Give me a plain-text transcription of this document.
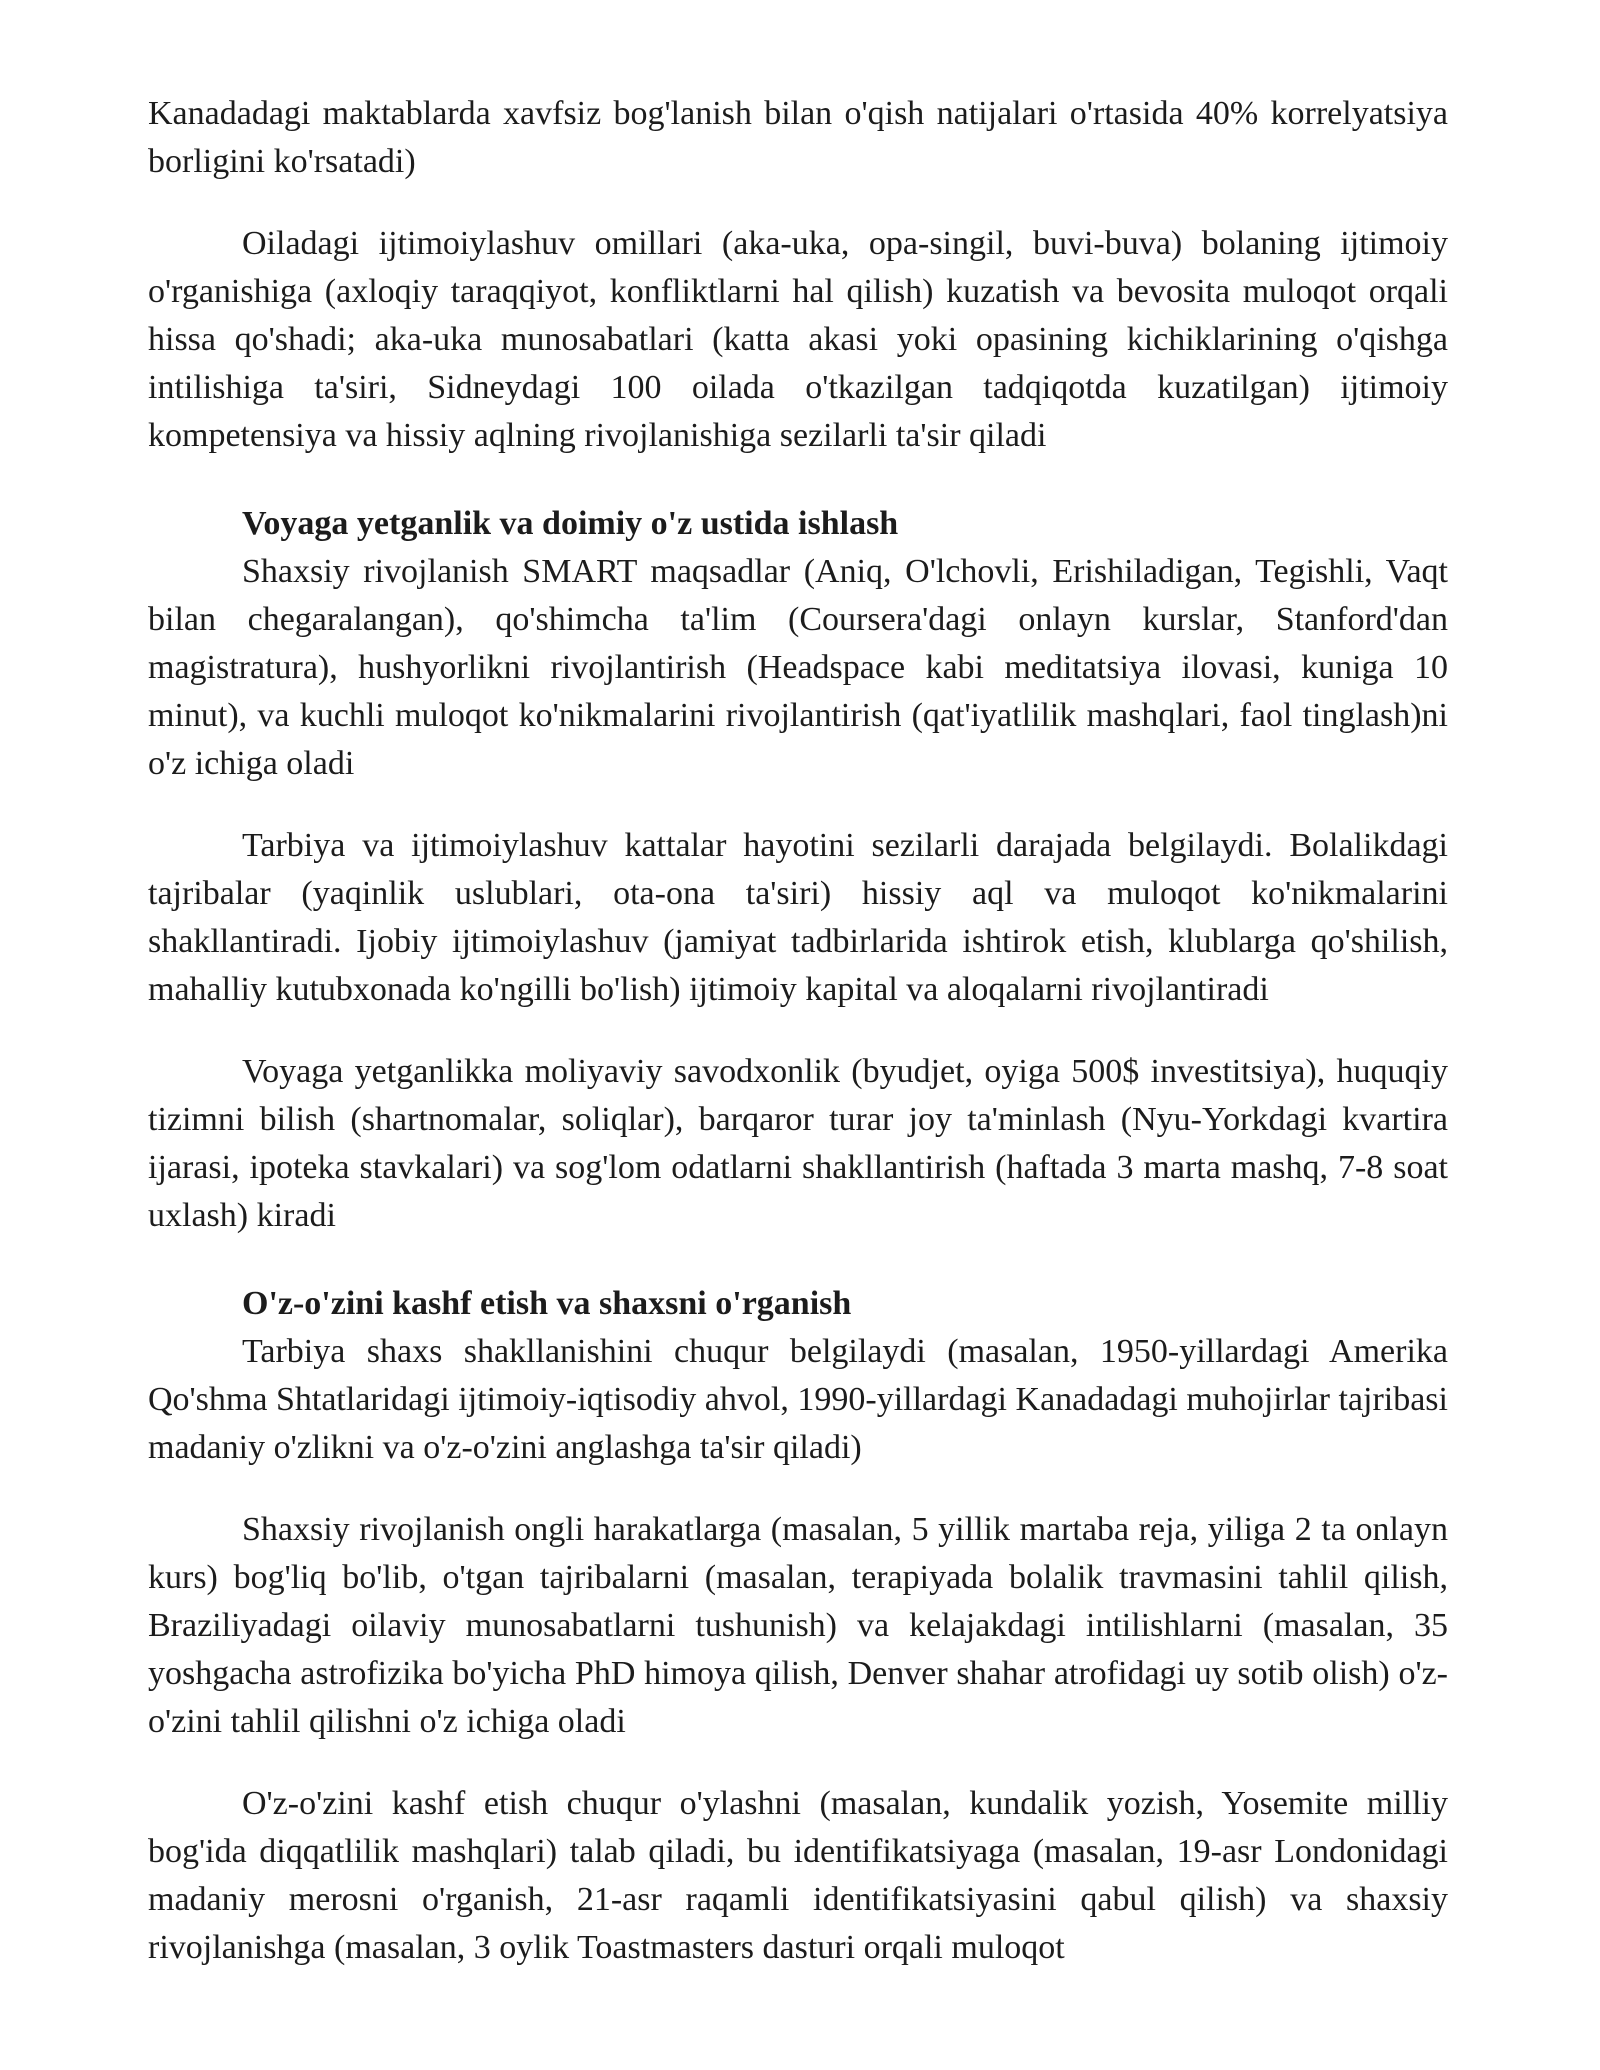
Kanadadagi maktablarda xavfsiz bog'lanish bilan o'qish natijalari o'rtasida 40% korrelyatsiya borligini ko'rsatadi)

Oiladagi ijtimoiylashuv omillari (aka-uka, opa-singil, buvi-buva) bolaning ijtimoiy o'rganishiga (axloqiy taraqqiyot, konfliktlarni hal qilish) kuzatish va bevosita muloqot orqali hissa qo'shadi; aka-uka munosabatlari (katta akasi yoki opasining kichiklarining o'qishga intilishiga ta'siri, Sidneydagi 100 oilada o'tkazilgan tadqiqotda kuzatilgan) ijtimoiy kompetensiya va hissiy aqlning rivojlanishiga sezilarli ta'sir qiladi

Voyaga yetganlik va doimiy o'z ustida ishlash

Shaxsiy rivojlanish SMART maqsadlar (Aniq, O'lchovli, Erishiladigan, Tegishli, Vaqt bilan chegaralangan), qo'shimcha ta'lim (Coursera'dagi onlayn kurslar, Stanford'dan magistratura), hushyorlikni rivojlantirish (Headspace kabi meditatsiya ilovasi, kuniga 10 minut), va kuchli muloqot ko'nikmalarini rivojlantirish (qat'iyatlilik mashqlari, faol tinglash)ni o'z ichiga oladi

Tarbiya va ijtimoiylashuv kattalar hayotini sezilarli darajada belgilaydi. Bolalikdagi tajribalar (yaqinlik uslublari, ota-ona ta'siri) hissiy aql va muloqot ko'nikmalarini shakllantiradi. Ijobiy ijtimoiylashuv (jamiyat tadbirlarida ishtirok etish, klublarga qo'shilish, mahalliy kutubxonada ko'ngilli bo'lish) ijtimoiy kapital va aloqalarni rivojlantiradi

Voyaga yetganlikka moliyaviy savodxonlik (byudjet, oyiga 500$ investitsiya), huquqiy tizimni bilish (shartnomalar, soliqlar), barqaror turar joy ta'minlash (Nyu-Yorkdagi kvartira ijarasi, ipoteka stavkalari) va sog'lom odatlarni shakllantirish (haftada 3 marta mashq, 7-8 soat uxlash) kiradi

O'z-o'zini kashf etish va shaxsni o'rganish

Tarbiya shaxs shakllanishini chuqur belgilaydi (masalan, 1950-yillardagi Amerika Qo'shma Shtatlaridagi ijtimoiy-iqtisodiy ahvol, 1990-yillardagi Kanadadagi muhojirlar tajribasi madaniy o'zlikni va o'z-o'zini anglashga ta'sir qiladi)

Shaxsiy rivojlanish ongli harakatlarga (masalan, 5 yillik martaba reja, yiliga 2 ta onlayn kurs) bog'liq bo'lib, o'tgan tajribalarni (masalan, terapiyada bolalik travmasini tahlil qilish, Braziliyadagi oilaviy munosabatlarni tushunish) va kelajakdagi intilishlarni (masalan, 35 yoshgacha astrofizika bo'yicha PhD himoya qilish, Denver shahar atrofidagi uy sotib olish) o'z-o'zini tahlil qilishni o'z ichiga oladi

O'z-o'zini kashf etish chuqur o'ylashni (masalan, kundalik yozish, Yosemite milliy bog'ida diqqatlilik mashqlari) talab qiladi, bu identifikatsiyaga (masalan, 19-asr Londonidagi madaniy merosni o'rganish, 21-asr raqamli identifikatsiyasini qabul qilish) va shaxsiy rivojlanishga (masalan, 3 oylik Toastmasters dasturi orqali muloqot
